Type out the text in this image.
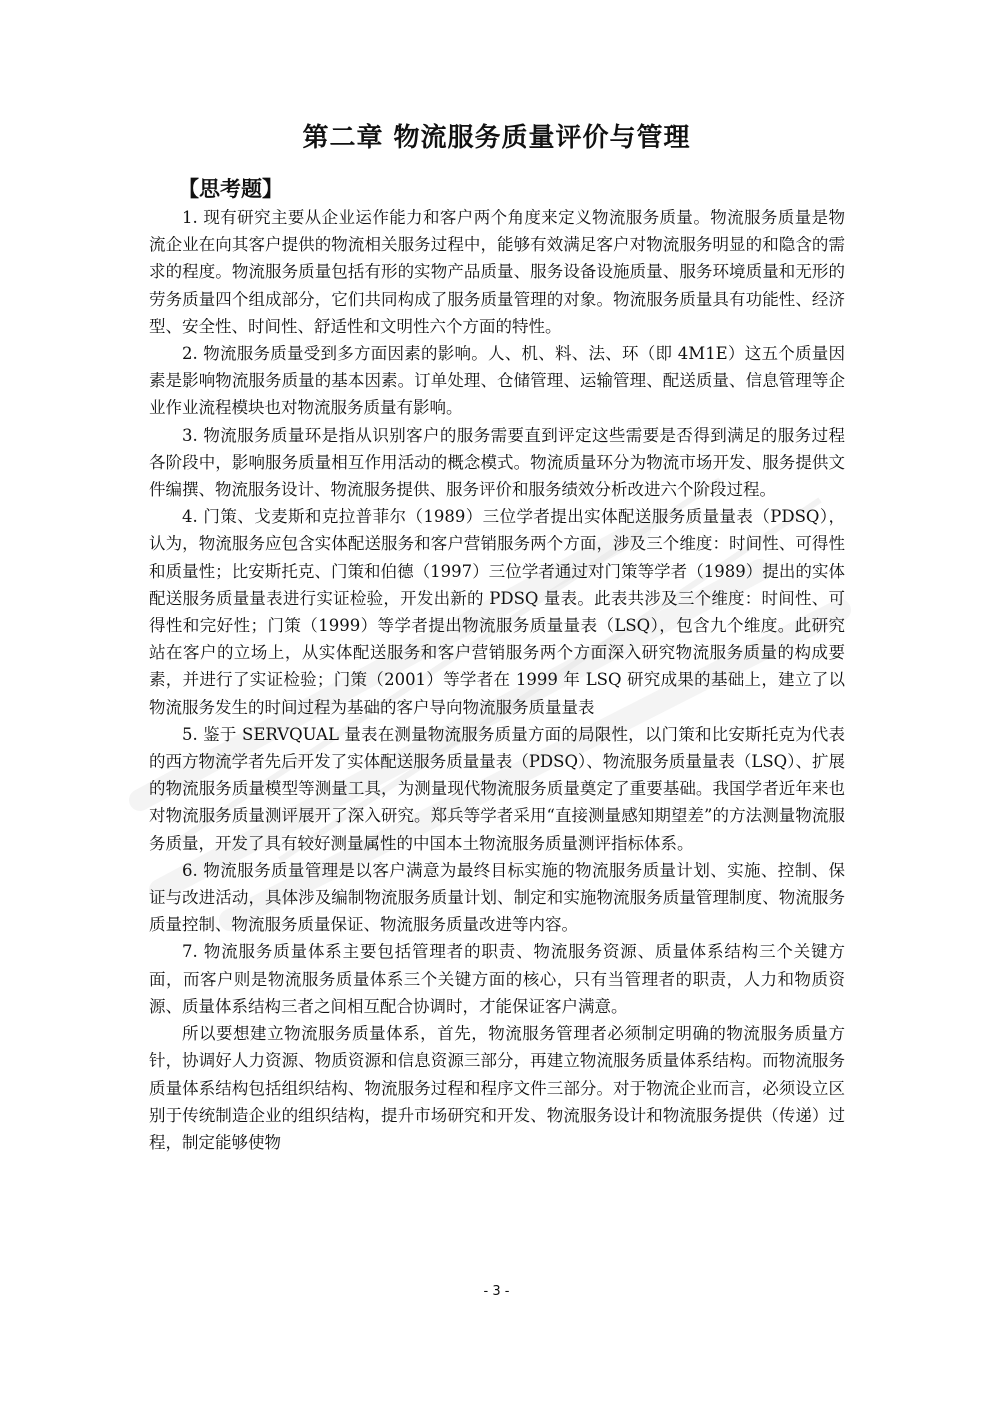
第二章 物流服务质量评价与管理
【思考题】

1. 现有研究主要从企业运作能力和客户两个角度来定义物流服务质量。物流服务质量是物流企业在向其客户提供的物流相关服务过程中，能够有效满足客户对物流服务明显的和隐含的需求的程度。物流服务质量包括有形的实物产品质量、服务设备设施质量、服务环境质量和无形的劳务质量四个组成部分，它们共同构成了服务质量管理的对象。物流服务质量具有功能性、经济型、安全性、时间性、舒适性和文明性六个方面的特性。

2. 物流服务质量受到多方面因素的影响。人、机、料、法、环（即 4M1E）这五个质量因素是影响物流服务质量的基本因素。订单处理、仓储管理、运输管理、配送质量、信息管理等企业作业流程模块也对物流服务质量有影响。

3. 物流服务质量环是指从识别客户的服务需要直到评定这些需要是否得到满足的服务过程各阶段中，影响服务质量相互作用活动的概念模式。物流质量环分为物流市场开发、服务提供文件编撰、物流服务设计、物流服务提供、服务评价和服务绩效分析改进六个阶段过程。

4. 门策、戈麦斯和克拉普菲尔（1989）三位学者提出实体配送服务质量量表（PDSQ），认为，物流服务应包含实体配送服务和客户营销服务两个方面，涉及三个维度：时间性、可得性和质量性；比安斯托克、门策和伯德（1997）三位学者通过对门策等学者（1989）提出的实体配送服务质量量表进行实证检验，开发出新的 PDSQ 量表。此表共涉及三个维度：时间性、可得性和完好性；门策（1999）等学者提出物流服务质量量表（LSQ），包含九个维度。此研究站在客户的立场上，从实体配送服务和客户营销服务两个方面深入研究物流服务质量的构成要素，并进行了实证检验；门策（2001）等学者在 1999 年 LSQ 研究成果的基础上，建立了以物流服务发生的时间过程为基础的客户导向物流服务质量量表

5. 鉴于 SERVQUAL 量表在测量物流服务质量方面的局限性，以门策和比安斯托克为代表的西方物流学者先后开发了实体配送服务质量量表（PDSQ）、物流服务质量量表（LSQ）、扩展的物流服务质量模型等测量工具，为测量现代物流服务质量奠定了重要基础。我国学者近年来也对物流服务质量测评展开了深入研究。郑兵等学者采用“直接测量感知期望差”的方法测量物流服务质量，开发了具有较好测量属性的中国本土物流服务质量测评指标体系。

6. 物流服务质量管理是以客户满意为最终目标实施的物流服务质量计划、实施、控制、保证与改进活动，具体涉及编制物流服务质量计划、制定和实施物流服务质量管理制度、物流服务质量控制、物流服务质量保证、物流服务质量改进等内容。

7. 物流服务质量体系主要包括管理者的职责、物流服务资源、质量体系结构三个关键方面，而客户则是物流服务质量体系三个关键方面的核心，只有当管理者的职责，人力和物质资源、质量体系结构三者之间相互配合协调时，才能保证客户满意。

所以要想建立物流服务质量体系，首先，物流服务管理者必须制定明确的物流服务质量方针，协调好人力资源、物质资源和信息资源三部分，再建立物流服务质量体系结构。而物流服务质量体系结构包括组织结构、物流服务过程和程序文件三部分。对于物流企业而言，必须设立区别于传统制造企业的组织结构，提升市场研究和开发、物流服务设计和物流服务提供（传递）过程，制定能够使物

- 3 -
